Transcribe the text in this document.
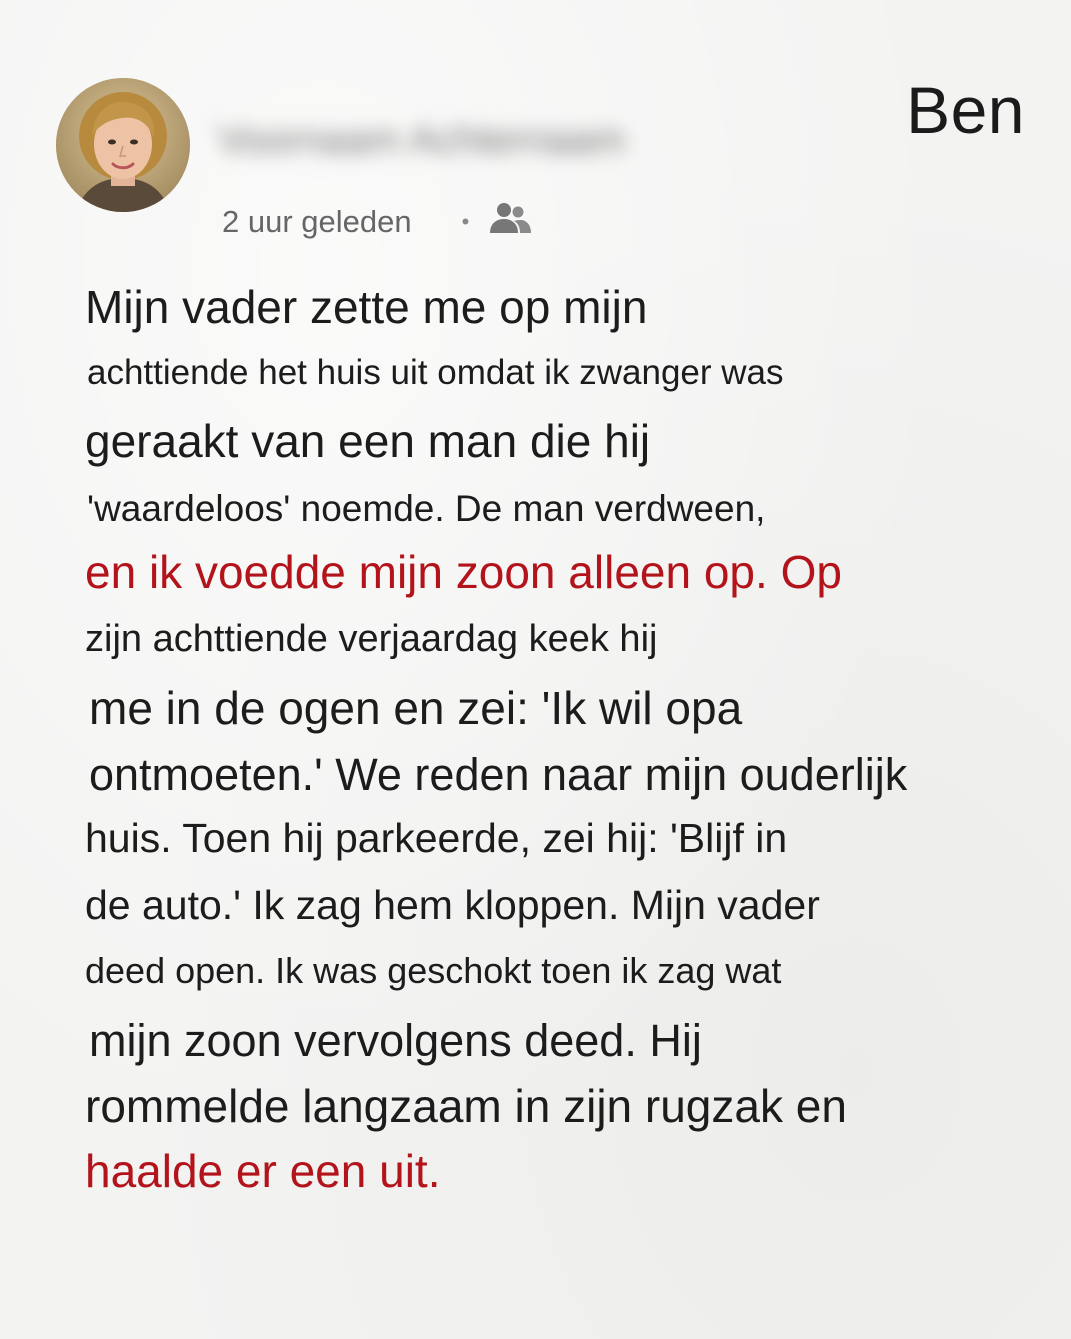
Voornaam Achternaam
2 uur geleden •
Ben
Mijn vader zette me op mijn
achttiende het huis uit omdat ik zwanger was
geraakt van een man die hij
'waardeloos' noemde. De man verdween,
en ik voedde mijn zoon alleen op. Op
zijn achttiende verjaardag keek hij
me in de ogen en zei: 'Ik wil opa
ontmoeten.' We reden naar mijn ouderlijk
huis. Toen hij parkeerde, zei hij: 'Blijf in
de auto.' Ik zag hem kloppen. Mijn vader
deed open. Ik was geschokt toen ik zag wat
mijn zoon vervolgens deed. Hij
rommelde langzaam in zijn rugzak en
haalde er een uit.
